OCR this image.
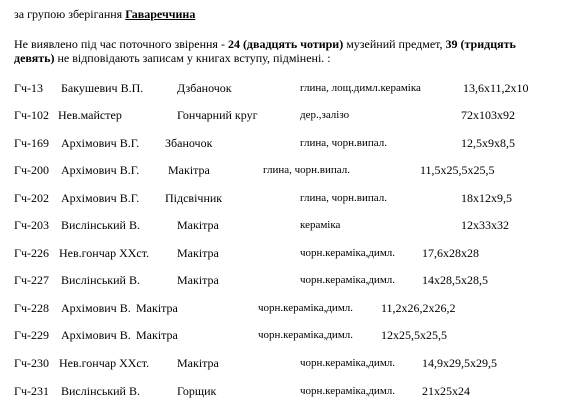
за групою зберігання Гавареччина
Не виявлено під час поточного звірення - 24 (двадцять чотири) музейний предмет, 39 (тридцять
девять) не відповідають записам у книгах вступу, підмінені. :
Гч-13 Бакушевич В.П.	Дзбаночок	глина, лощ.димл.кераміка	13,6х11,2х10
Гч-102 Нев.майстер	Гончарний круг	дер.,залізо	72х103х92
Гч-169 Архімович В.Г. Збаночок	глина, чорн.випал.	12,5х9х8,5
Гч-200 Архімович В.Г. Макітра	глина, чорн.випал.	11,5х25,5х25,5
Гч-202 Архімович В.Г. Підсвічник	глина, чорн.випал.	18х12х9,5
Гч-203 Вислінський В.	Макітра	кераміка	12х33х32
Гч-226 Нев.гончар XXст. Макітра	чорн.кераміка,димл. 17,6х28х28
Гч-227 Вислінський В.	Макітра	чорн.кераміка,димл. 14х28,5х28,5
Гч-228 Архімович В. Макітра	чорн.кераміка,димл. 11,2х26,2х26,2
Гч-229 Архімович В. Макітра	чорн.кераміка,димл. 12х25,5х25,5
Гч-230 Нев.гончар XXст. Макітра	чорн.кераміка,димл. 14,9х29,5х29,5
Гч-231 Вислінський В.	Горщик	чорн.кераміка,димл. 21х25х24
